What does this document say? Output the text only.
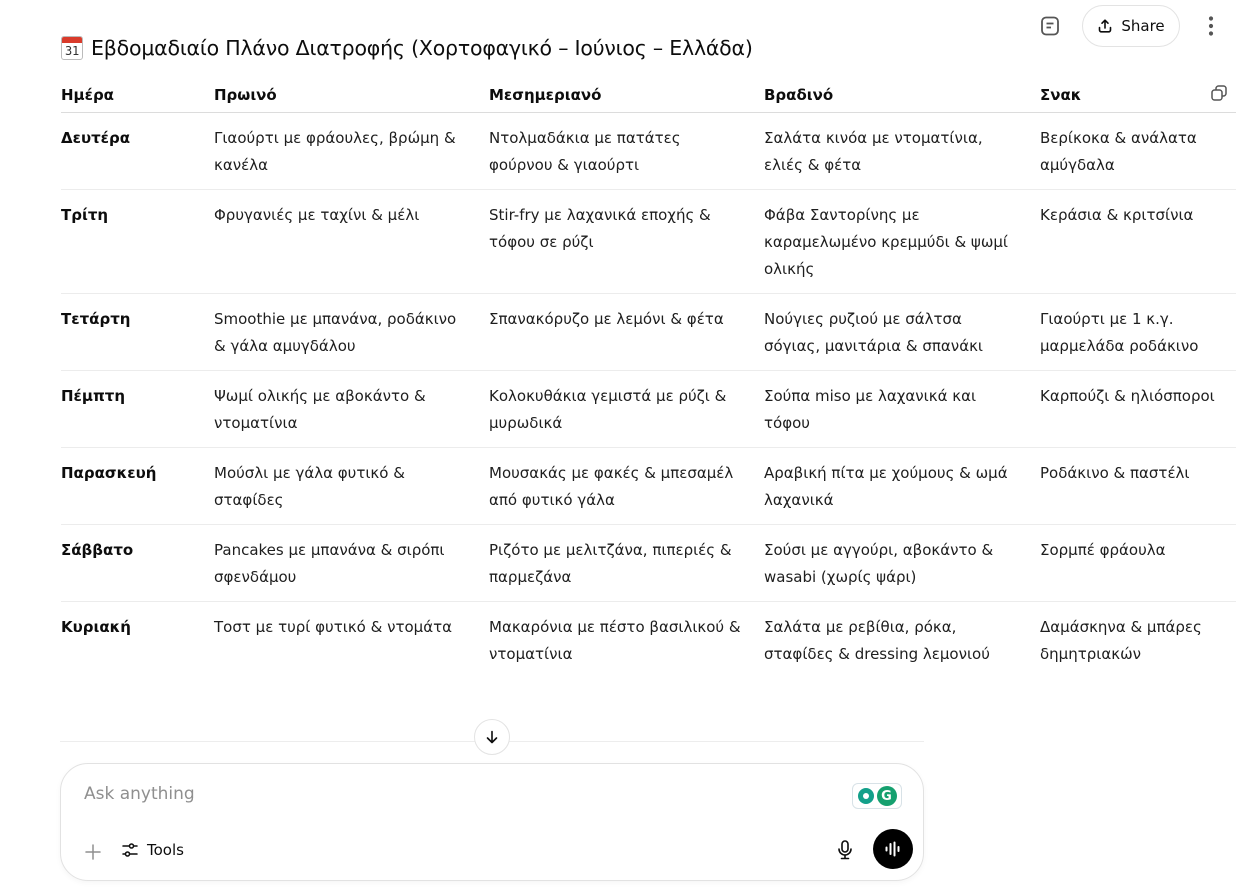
Share
31 Εβδομαδιαίο Πλάνο Διατροφής (Χορτοφαγικό – Ιούνιος – Ελλάδα)
Ημέρα	Πρωινό	Μεσημεριανό	Βραδινό	Σνακ
Δευτέρα	Γιαούρτι με φράουλες, βρώμη & κανέλα	Ντολμαδάκια με πατάτες φούρνου & γιαούρτι	Σαλάτα κινόα με ντοματίνια, ελιές & φέτα	Βερίκοκα & ανάλατα αμύγδαλα
Τρίτη	Φρυγανιές με ταχίνι & μέλι	Stir-fry με λαχανικά εποχής & τόφου σε ρύζι	Φάβα Σαντορίνης με καραμελωμένο κρεμμύδι & ψωμί ολικής	Κεράσια & κριτσίνια
Τετάρτη	Smoothie με μπανάνα, ροδάκινο & γάλα αμυγδάλου	Σπανακόρυζο με λεμόνι & φέτα	Νούγιες ρυζιού με σάλτσα σόγιας, μανιτάρια & σπανάκι	Γιαούρτι με 1 κ.γ. μαρμελάδα ροδάκινο
Πέμπτη	Ψωμί ολικής με αβοκάντο & ντοματίνια	Κολοκυθάκια γεμιστά με ρύζι & μυρωδικά	Σούπα miso με λαχανικά και τόφου	Καρπούζι & ηλιόσποροι
Παρασκευή	Μούσλι με γάλα φυτικό & σταφίδες	Μουσακάς με φακές & μπεσαμέλ από φυτικό γάλα	Αραβική πίτα με χούμους & ωμά λαχανικά	Ροδάκινο & παστέλι
Σάββατο	Pancakes με μπανάνα & σιρόπι σφενδάμου	Ριζότο με μελιτζάνα, πιπεριές & παρμεζάνα	Σούσι με αγγούρι, αβοκάντο & wasabi (χωρίς ψάρι)	Σορμπέ φράουλα
Κυριακή	Τοστ με τυρί φυτικό & ντομάτα	Μακαρόνια με πέστο βασιλικού & ντοματίνια	Σαλάτα με ρεβίθια, ρόκα, σταφίδες & dressing λεμονιού	Δαμάσκηνα & μπάρες δημητριακών
Ask anything
G
Tools
